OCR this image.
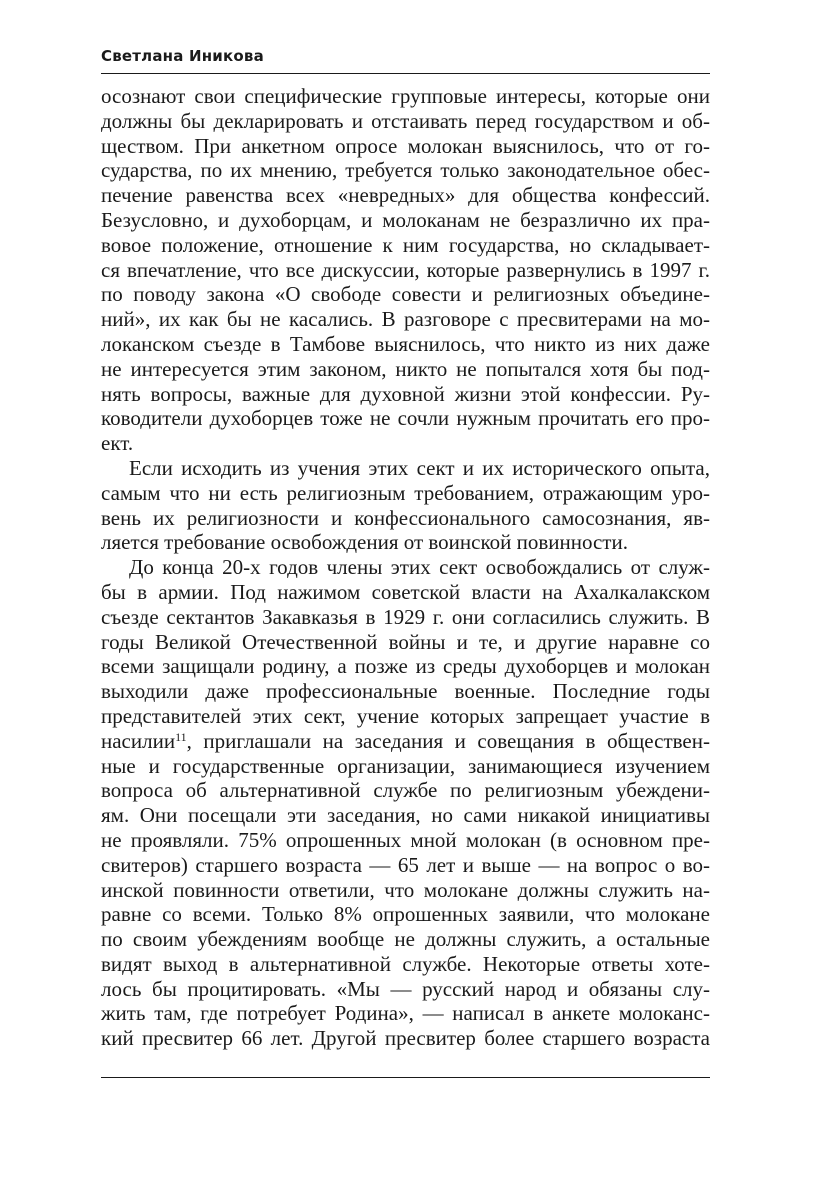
Светлана Иникова
осознают свои специфические групповые интересы, которые они
должны бы декларировать и отстаивать перед государством и об-
ществом. При анкетном опросе молокан выяснилось, что от го-
сударства, по их мнению, требуется только законодательное обес-
печение равенства всех «невредных» для общества конфессий.
Безусловно, и духоборцам, и молоканам не безразлично их пра-
вовое положение, отношение к ним государства, но складывает-
ся впечатление, что все дискуссии, которые развернулись в 1997 г.
по поводу закона «О свободе совести и религиозных объедине-
ний», их как бы не касались. В разговоре с пресвитерами на мо-
локанском съезде в Тамбове выяснилось, что никто из них даже
не интересуется этим законом, никто не попытался хотя бы под-
нять вопросы, важные для духовной жизни этой конфессии. Ру-
ководители духоборцев тоже не сочли нужным прочитать его про-
ект.
Если исходить из учения этих сект и их исторического опыта,
самым что ни есть религиозным требованием, отражающим уро-
вень их религиозности и конфессионального самосознания, яв-
ляется требование освобождения от воинской повинности.
До конца 20-х годов члены этих сект освобождались от служ-
бы в армии. Под нажимом советской власти на Ахалкалакском
съезде сектантов Закавказья в 1929 г. они согласились служить. В
годы Великой Отечественной войны и те, и другие наравне со
всеми защищали родину, а позже из среды духоборцев и молокан
выходили даже профессиональные военные. Последние годы
представителей этих сект, учение которых запрещает участие в
насилии$^{11}$, приглашали на заседания и совещания в обществен-
ные и государственные организации, занимающиеся изучением
вопроса об альтернативной службе по религиозным убеждени-
ям. Они посещали эти заседания, но сами никакой инициативы
не проявляли. 75% опрошенных мной молокан (в основном пре-
свитеров) старшего возраста — 65 лет и выше — на вопрос о во-
инской повинности ответили, что молокане должны служить на-
равне со всеми. Только 8% опрошенных заявили, что молокане
по своим убеждениям вообще не должны служить, а остальные
видят выход в альтернативной службе. Некоторые ответы хоте-
лось бы процитировать. «Мы — русский народ и обязаны слу-
жить там, где потребует Родина», — написал в анкете молоканс-
кий пресвитер 66 лет. Другой пресвитер более старшего возраста
